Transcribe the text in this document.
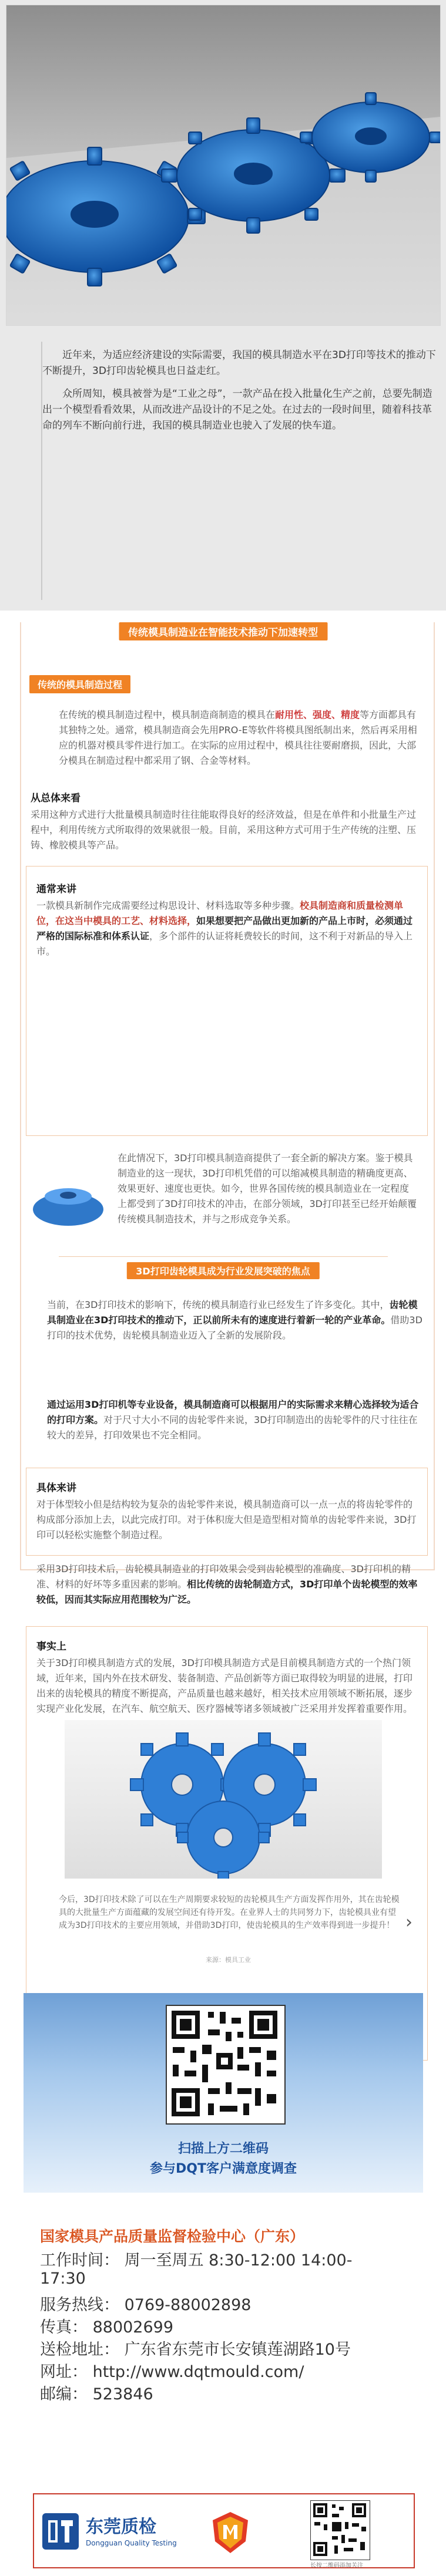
近年来，为适应经济建设的实际需要，我国的模具制造水平在3D打印等技术的推动下不断提升，3D打印齿轮模具也日益走红。

众所周知，模具被誉为是“工业之母”，一款产品在投入批量化生产之前，总要先制造出一个模型看看效果，从而改进产品设计的不足之处。在过去的一段时间里，随着科技革命的列车不断向前行进，我国的模具制造业也驶入了发展的快车道。

传统模具制造业在智能技术推动下加速转型
传统的模具制造过程
在传统的模具制造过程中，模具制造商制造的模具在耐用性、强度、精度等方面都具有其独特之处。通常，模具制造商会先用PRO-E等软件将模具图纸制出来，然后再采用相应的机器对模具零件进行加工。在实际的应用过程中，模具往往要耐磨损，因此，大部分模具在制造过程中都采用了钢、合金等材料。
从总体来看
采用这种方式进行大批量模具制造时往往能取得良好的经济效益，但是在单件和小批量生产过程中，利用传统方式所取得的效果就很一般。目前，采用这种方式可用于生产传统的注塑、压铸、橡胶模具等产品。
通常来讲
一款模具新制作完成需要经过构思设计、材料选取等多种步骤。校具制造商和质量检测单位，在这当中模具的工艺、材料选择，如果想要把产品做出更加新的产品上市时，必须通过严格的国际标准和体系认证，多个部件的认证将耗费较长的时间，这不利于对新品的导入上市。
在此情况下，3D打印模具制造商提供了一套全新的解决方案。鉴于模具制造业的这一现状，3D打印机凭借的可以缩减模具制造的精确度更高、效果更好、速度也更快。如今，世界各国传统的模具制造业在一定程度上都受到了3D打印技术的冲击，在部分领域，3D打印甚至已经开始颠覆传统模具制造技术，并与之形成竞争关系。
3D打印齿轮模具成为行业发展突破的焦点
当前，在3D打印技术的影响下，传统的模具制造行业已经发生了许多变化。其中，齿轮模具制造业在3D打印技术的推动下，正以前所未有的速度进行着新一轮的产业革命。借助3D打印的技术优势，齿轮模具制造业迈入了全新的发展阶段。
通过运用3D打印机等专业设备，模具制造商可以根据用户的实际需求来精心选择较为适合的打印方案。对于尺寸大小不同的齿轮零件来说，3D打印制造出的齿轮零件的尺寸往往在较大的差异，打印效果也不完全相同。
具体来讲
对于体型较小但是结构较为复杂的齿轮零件来说，模具制造商可以一点一点的将齿轮零件的构成部分添加上去，以此完成打印。对于体积庞大但是造型相对简单的齿轮零件来说，3D打印可以轻松实施整个制造过程。
采用3D打印技术后，齿轮模具制造业的打印效果会受到齿轮模型的准确度、3D打印机的精准、材料的好坏等多重因素的影响。相比传统的齿轮制造方式，3D打印单个齿轮模型的效率较低，因而其实际应用范围较为广泛。
事实上
关于3D打印模具制造方式的发展，3D打印模具制造方式是目前模具制造方式的一个热门领域，近年来，国内外在技术研发、装备制造、产品创新等方面已取得较为明显的进展，打印出来的齿轮模具的精度不断提高，产品质量也越来越好，相关技术应用领域不断拓展，逐步实现产业化发展，在汽车、航空航天、医疗器械等诸多领域被广泛采用并发挥着重要作用。
›
今后，3D打印技术除了可以在生产周期要求较短的齿轮模具生产方面发挥作用外，其在齿轮模具的大批量生产方面蕴藏的发展空间还有待开发。在业界人士的共同努力下，齿轮模具业有望成为3D打印技术的主要应用领域，并借助3D打印，使齿轮模具的生产效率得到进一步提升！
来源：模具工业
扫描上方二维码
参与DQT客户满意度调查
国家模具产品质量监督检验中心（广东）
工作时间： 周一至周五 8:30-12:00 14:00-
17:30
服务热线： 0769-88002898
传真： 88002699
送检地址： 广东省东莞市长安镇莲湖路10号
网址： http://www.dqtmould.com/
邮编： 523846
东莞质检
Dongguan Quality Testing
长按二维码添加关注
